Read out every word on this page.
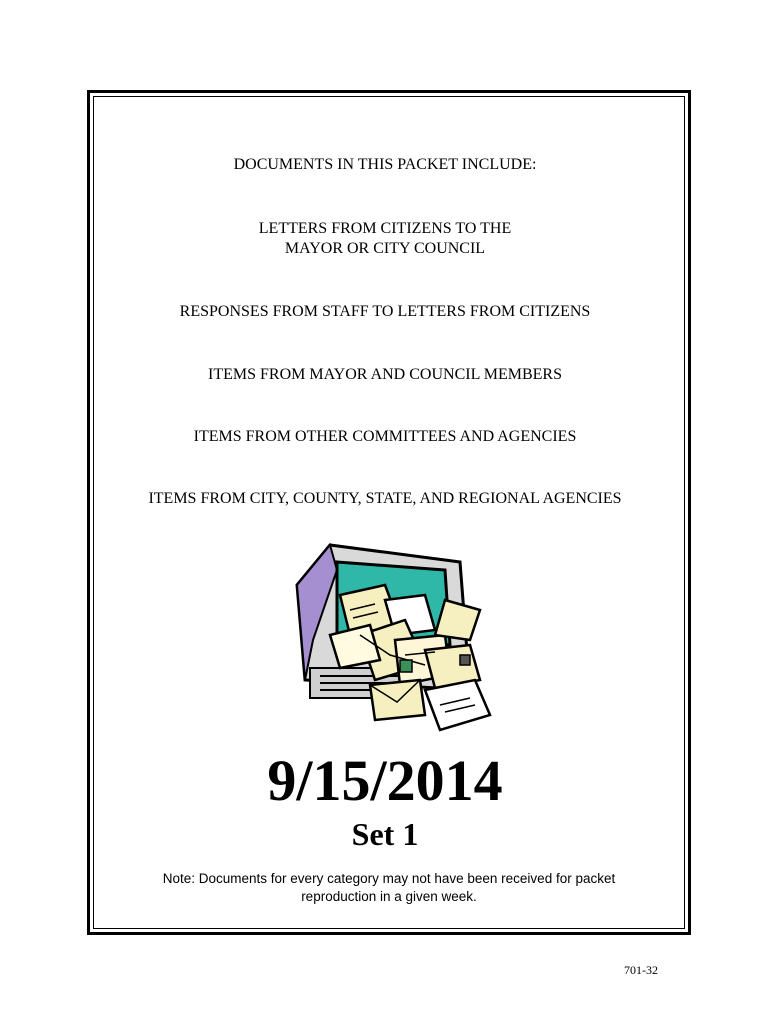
DOCUMENTS IN THIS PACKET INCLUDE:
LETTERS FROM CITIZENS TO THE
MAYOR OR CITY COUNCIL
RESPONSES FROM STAFF TO LETTERS FROM CITIZENS
ITEMS FROM MAYOR AND COUNCIL MEMBERS
ITEMS FROM OTHER COMMITTEES AND AGENCIES
ITEMS FROM CITY, COUNTY, STATE, AND REGIONAL AGENCIES
9/15/2014
Set 1
Note: Documents for every category may not have been received for packet
reproduction in a given week.
701-32
